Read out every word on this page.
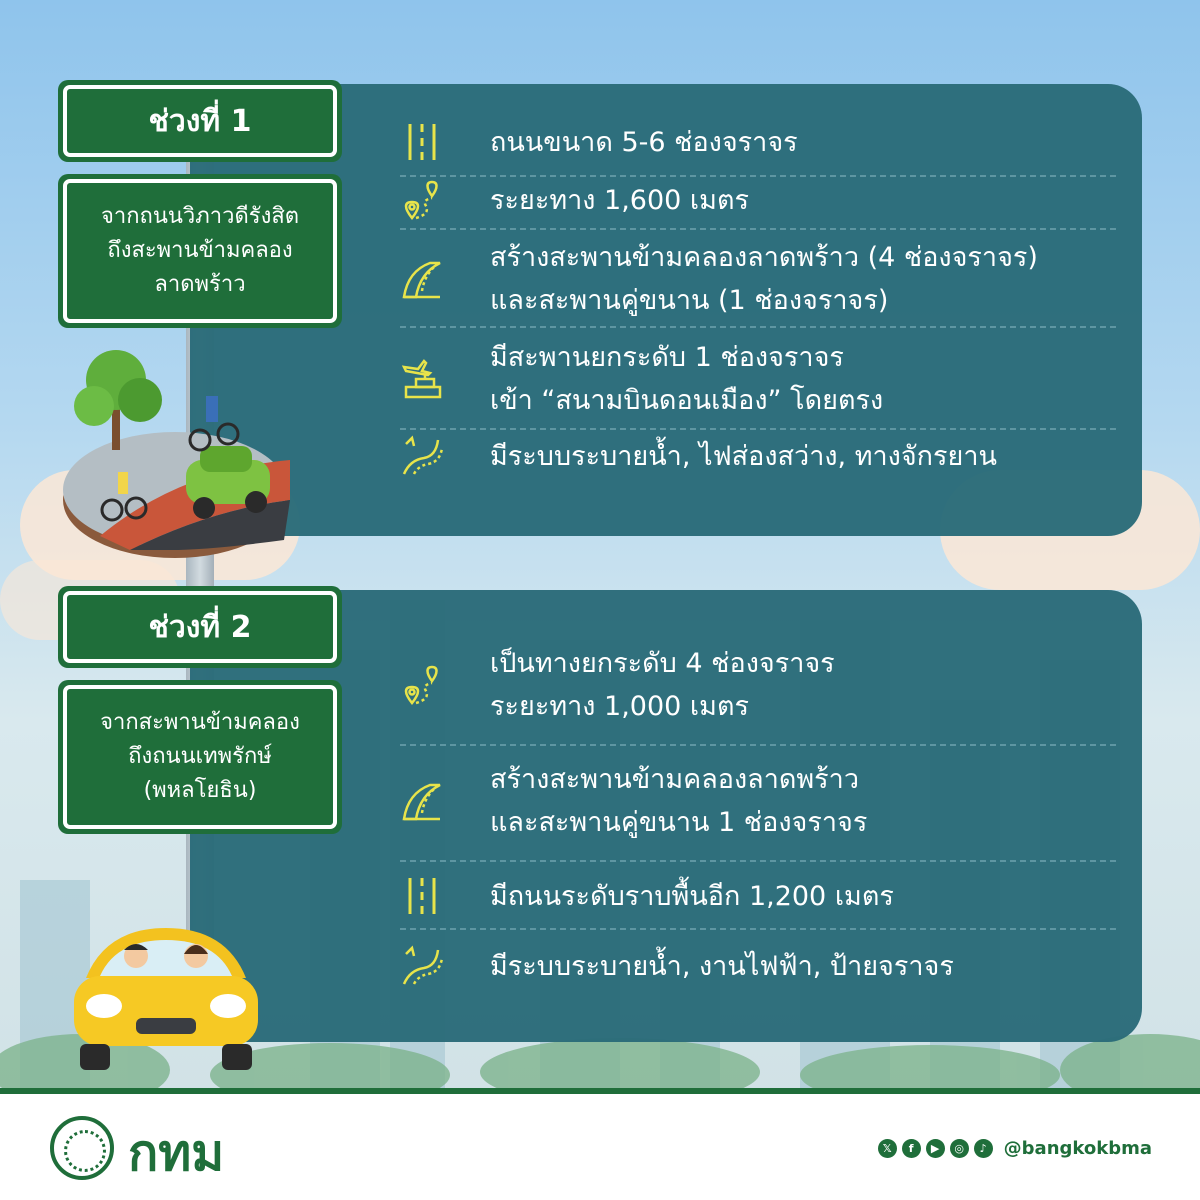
ช่วงที่ 1
จากถนนวิภาวดีรังสิต
ถึงสะพานข้ามคลอง
ลาดพร้าว
ถนนขนาด 5-6 ช่องจราจร
ระยะทาง 1,600 เมตร
สร้างสะพานข้ามคลองลาดพร้าว (4 ช่องจราจร)
และสะพานคู่ขนาน (1 ช่องจราจร)
มีสะพานยกระดับ 1 ช่องจราจร
เข้า “สนามบินดอนเมือง” โดยตรง
มีระบบระบายน้ำ, ไฟส่องสว่าง, ทางจักรยาน
ช่วงที่ 2
จากสะพานข้ามคลอง
ถึงถนนเทพรักษ์
(พหลโยธิน)
เป็นทางยกระดับ 4 ช่องจราจร
ระยะทาง 1,000 เมตร
สร้างสะพานข้ามคลองลาดพร้าว
และสะพานคู่ขนาน 1 ช่องจราจร
มีถนนระดับราบพื้นอีก 1,200 เมตร
มีระบบระบายน้ำ, งานไฟฟ้า, ป้ายจราจร
กทม	𝕏	f	▶	◎	♪ @bangkokbma
